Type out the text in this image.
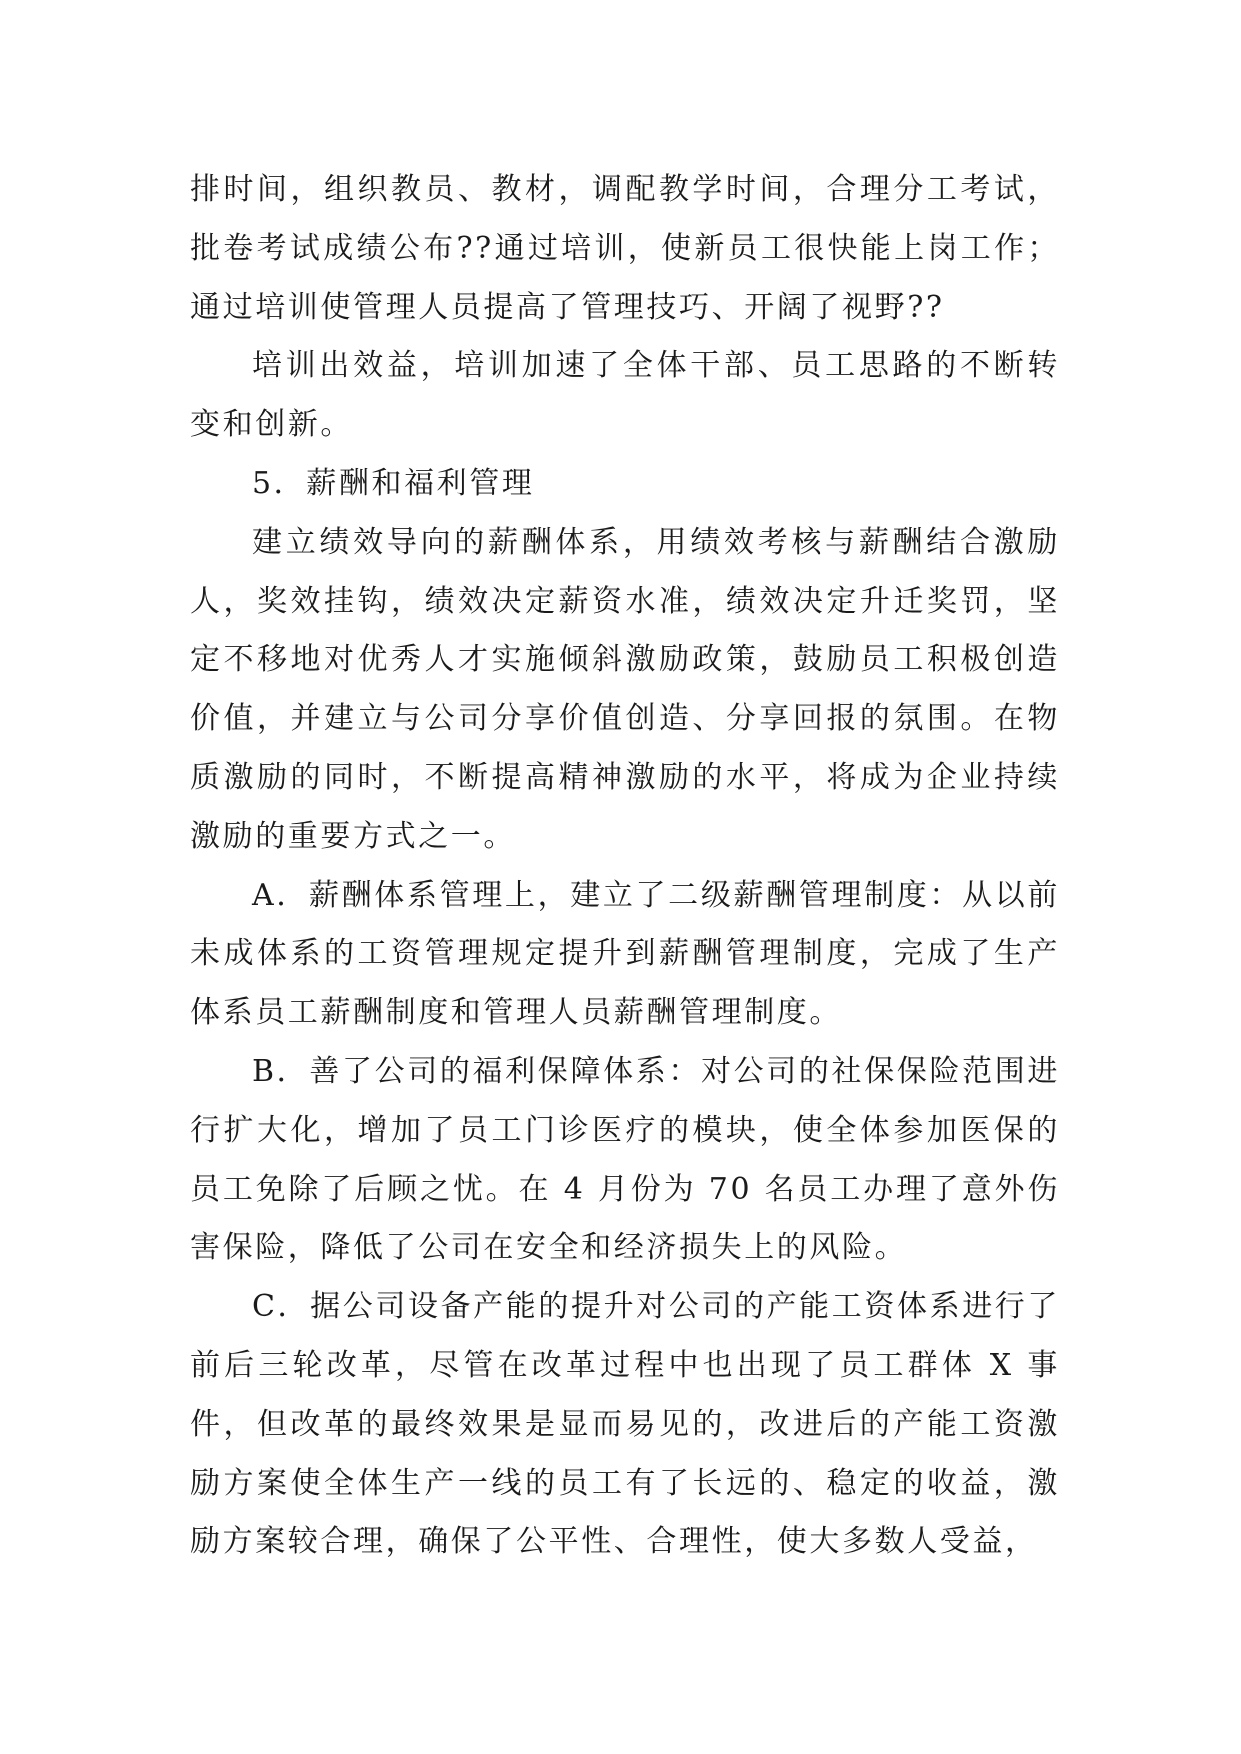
排时间，组织教员、教材，调配教学时间，合理分工考试，批卷考试成绩公布??通过培训，使新员工很快能上岗工作；通过培训使管理人员提高了管理技巧、开阔了视野??

培训出效益，培训加速了全体干部、员工思路的不断转变和创新。

5．薪酬和福利管理

建立绩效导向的薪酬体系，用绩效考核与薪酬结合激励人，奖效挂钩，绩效决定薪资水准，绩效决定升迁奖罚，坚定不移地对优秀人才实施倾斜激励政策，鼓励员工积极创造价值，并建立与公司分享价值创造、分享回报的氛围。在物质激励的同时，不断提高精神激励的水平，将成为企业持续激励的重要方式之一。

A．薪酬体系管理上，建立了二级薪酬管理制度：从以前未成体系的工资管理规定提升到薪酬管理制度，完成了生产体系员工薪酬制度和管理人员薪酬管理制度。

B．善了公司的福利保障体系：对公司的社保保险范围进行扩大化，增加了员工门诊医疗的模块，使全体参加医保的员工免除了后顾之忧。在 4 月份为 70 名员工办理了意外伤害保险，降低了公司在安全和经济损失上的风险。

C．据公司设备产能的提升对公司的产能工资体系进行了前后三轮改革，尽管在改革过程中也出现了员工群体 X 事件，但改革的最终效果是显而易见的，改进后的产能工资激励方案使全体生产一线的员工有了长远的、稳定的收益，激励方案较合理，确保了公平性、合理性，使大多数人受益，
